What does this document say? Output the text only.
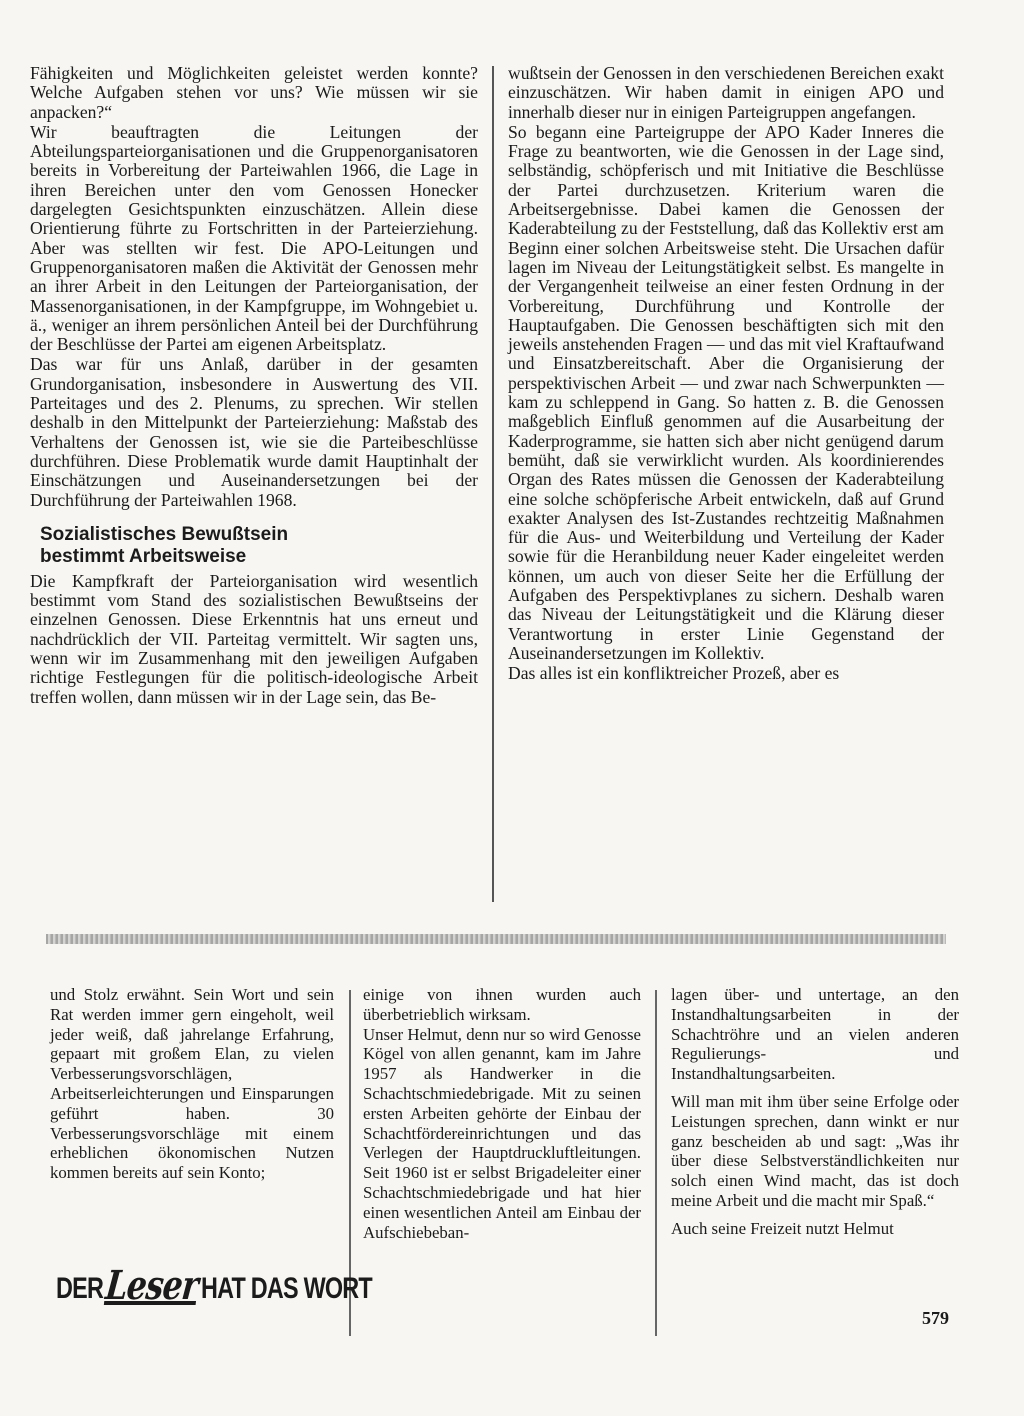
Fähigkeiten und Möglichkeiten geleistet werden konnte? Welche Aufgaben stehen vor uns? Wie müssen wir sie anpacken?“

Wir beauftragten die Leitungen der Abteilungsparteiorganisationen und die Gruppenorganisatoren bereits in Vorbereitung der Parteiwahlen 1966, die Lage in ihren Bereichen unter den vom Genossen Honecker dargelegten Gesichtspunkten einzuschätzen. Allein diese Orientierung führte zu Fortschritten in der Parteierziehung. Aber was stellten wir fest. Die APO-Leitungen und Gruppenorganisatoren maßen die Aktivität der Genossen mehr an ihrer Arbeit in den Leitungen der Parteiorganisation, der Massenorganisationen, in der Kampfgruppe, im Wohngebiet u. ä., weniger an ihrem persönlichen Anteil bei der Durchführung der Beschlüsse der Partei am eigenen Arbeitsplatz.

Das war für uns Anlaß, darüber in der gesamten Grundorganisation, insbesondere in Auswertung des VII. Parteitages und des 2. Plenums, zu sprechen. Wir stellen deshalb in den Mittelpunkt der Parteierziehung: Maßstab des Verhaltens der Genossen ist, wie sie die Parteibeschlüsse durchführen. Diese Problematik wurde damit Hauptinhalt der Einschätzungen und Auseinandersetzungen bei der Durchführung der Parteiwahlen 1968.

Sozialistisches Bewußtsein
bestimmt Arbeitsweise

Die Kampfkraft der Parteiorganisation wird wesentlich bestimmt vom Stand des sozialistischen Bewußtseins der einzelnen Genossen. Diese Erkenntnis hat uns erneut und nachdrücklich der VII. Parteitag vermittelt. Wir sagten uns, wenn wir im Zusammenhang mit den jeweiligen Aufgaben richtige Festlegungen für die politisch-ideologische Arbeit treffen wollen, dann müssen wir in der Lage sein, das Be-

wußtsein der Genossen in den verschiedenen Bereichen exakt einzuschätzen. Wir haben damit in einigen APO und innerhalb dieser nur in einigen Parteigruppen angefangen.

So begann eine Parteigruppe der APO Kader Inneres die Frage zu beantworten, wie die Genossen in der Lage sind, selbständig, schöpferisch und mit Initiative die Beschlüsse der Partei durchzusetzen. Kriterium waren die Arbeitsergebnisse. Dabei kamen die Genossen der Kaderabteilung zu der Feststellung, daß das Kollektiv erst am Beginn einer solchen Arbeitsweise steht. Die Ursachen dafür lagen im Niveau der Leitungstätigkeit selbst. Es mangelte in der Vergangenheit teilweise an einer festen Ordnung in der Vorbereitung, Durchführung und Kontrolle der Hauptaufgaben. Die Genossen beschäftigten sich mit den jeweils anstehenden Fragen — und das mit viel Kraftaufwand und Einsatzbereitschaft. Aber die Organisierung der perspektivischen Arbeit — und zwar nach Schwerpunkten — kam zu schleppend in Gang. So hatten z. B. die Genossen maßgeblich Einfluß genommen auf die Ausarbeitung der Kaderprogramme, sie hatten sich aber nicht genügend darum bemüht, daß sie verwirklicht wurden. Als koordinierendes Organ des Rates müssen die Genossen der Kaderabteilung eine solche schöpferische Arbeit entwickeln, daß auf Grund exakter Analysen des Ist-Zustandes rechtzeitig Maßnahmen für die Aus- und Weiterbildung und Verteilung der Kader sowie für die Heranbildung neuer Kader eingeleitet werden können, um auch von dieser Seite her die Erfüllung der Aufgaben des Perspektivplanes zu sichern. Deshalb waren das Niveau der Leitungstätigkeit und die Klärung dieser Verantwortung in erster Linie Gegenstand der Auseinandersetzungen im Kollektiv.

Das alles ist ein konfliktreicher Prozeß, aber es

und Stolz erwähnt. Sein Wort und sein Rat werden immer gern eingeholt, weil jeder weiß, daß jahrelange Erfahrung, gepaart mit großem Elan, zu vielen Verbesserungsvorschlägen, Arbeitserleichterungen und Einsparungen geführt haben. 30 Verbesserungsvorschläge mit einem erheblichen ökonomischen Nutzen kommen bereits auf sein Konto;

einige von ihnen wurden auch überbetrieblich wirksam.

Unser Helmut, denn nur so wird Genosse Kögel von allen genannt, kam im Jahre 1957 als Handwerker in die Schachtschmiedebrigade. Mit zu seinen ersten Arbeiten gehörte der Einbau der Schachtfördereinrichtungen und das Verlegen der Hauptdruckluftleitungen. Seit 1960 ist er selbst Brigadeleiter einer Schachtschmiedebrigade und hat hier einen wesentlichen Anteil am Einbau der Aufschiebeban-

lagen über- und untertage, an den Instandhaltungsarbeiten in der Schachtröhre und an vielen anderen Regulierungs- und Instandhaltungsarbeiten.

Will man mit ihm über seine Erfolge oder Leistungen sprechen, dann winkt er nur ganz bescheiden ab und sagt: „Was ihr über diese Selbstverständlichkeiten nur solch einen Wind macht, das ist doch meine Arbeit und die macht mir Spaß.“

Auch seine Freizeit nutzt Helmut

DER Leser HAT DAS WORT
579
